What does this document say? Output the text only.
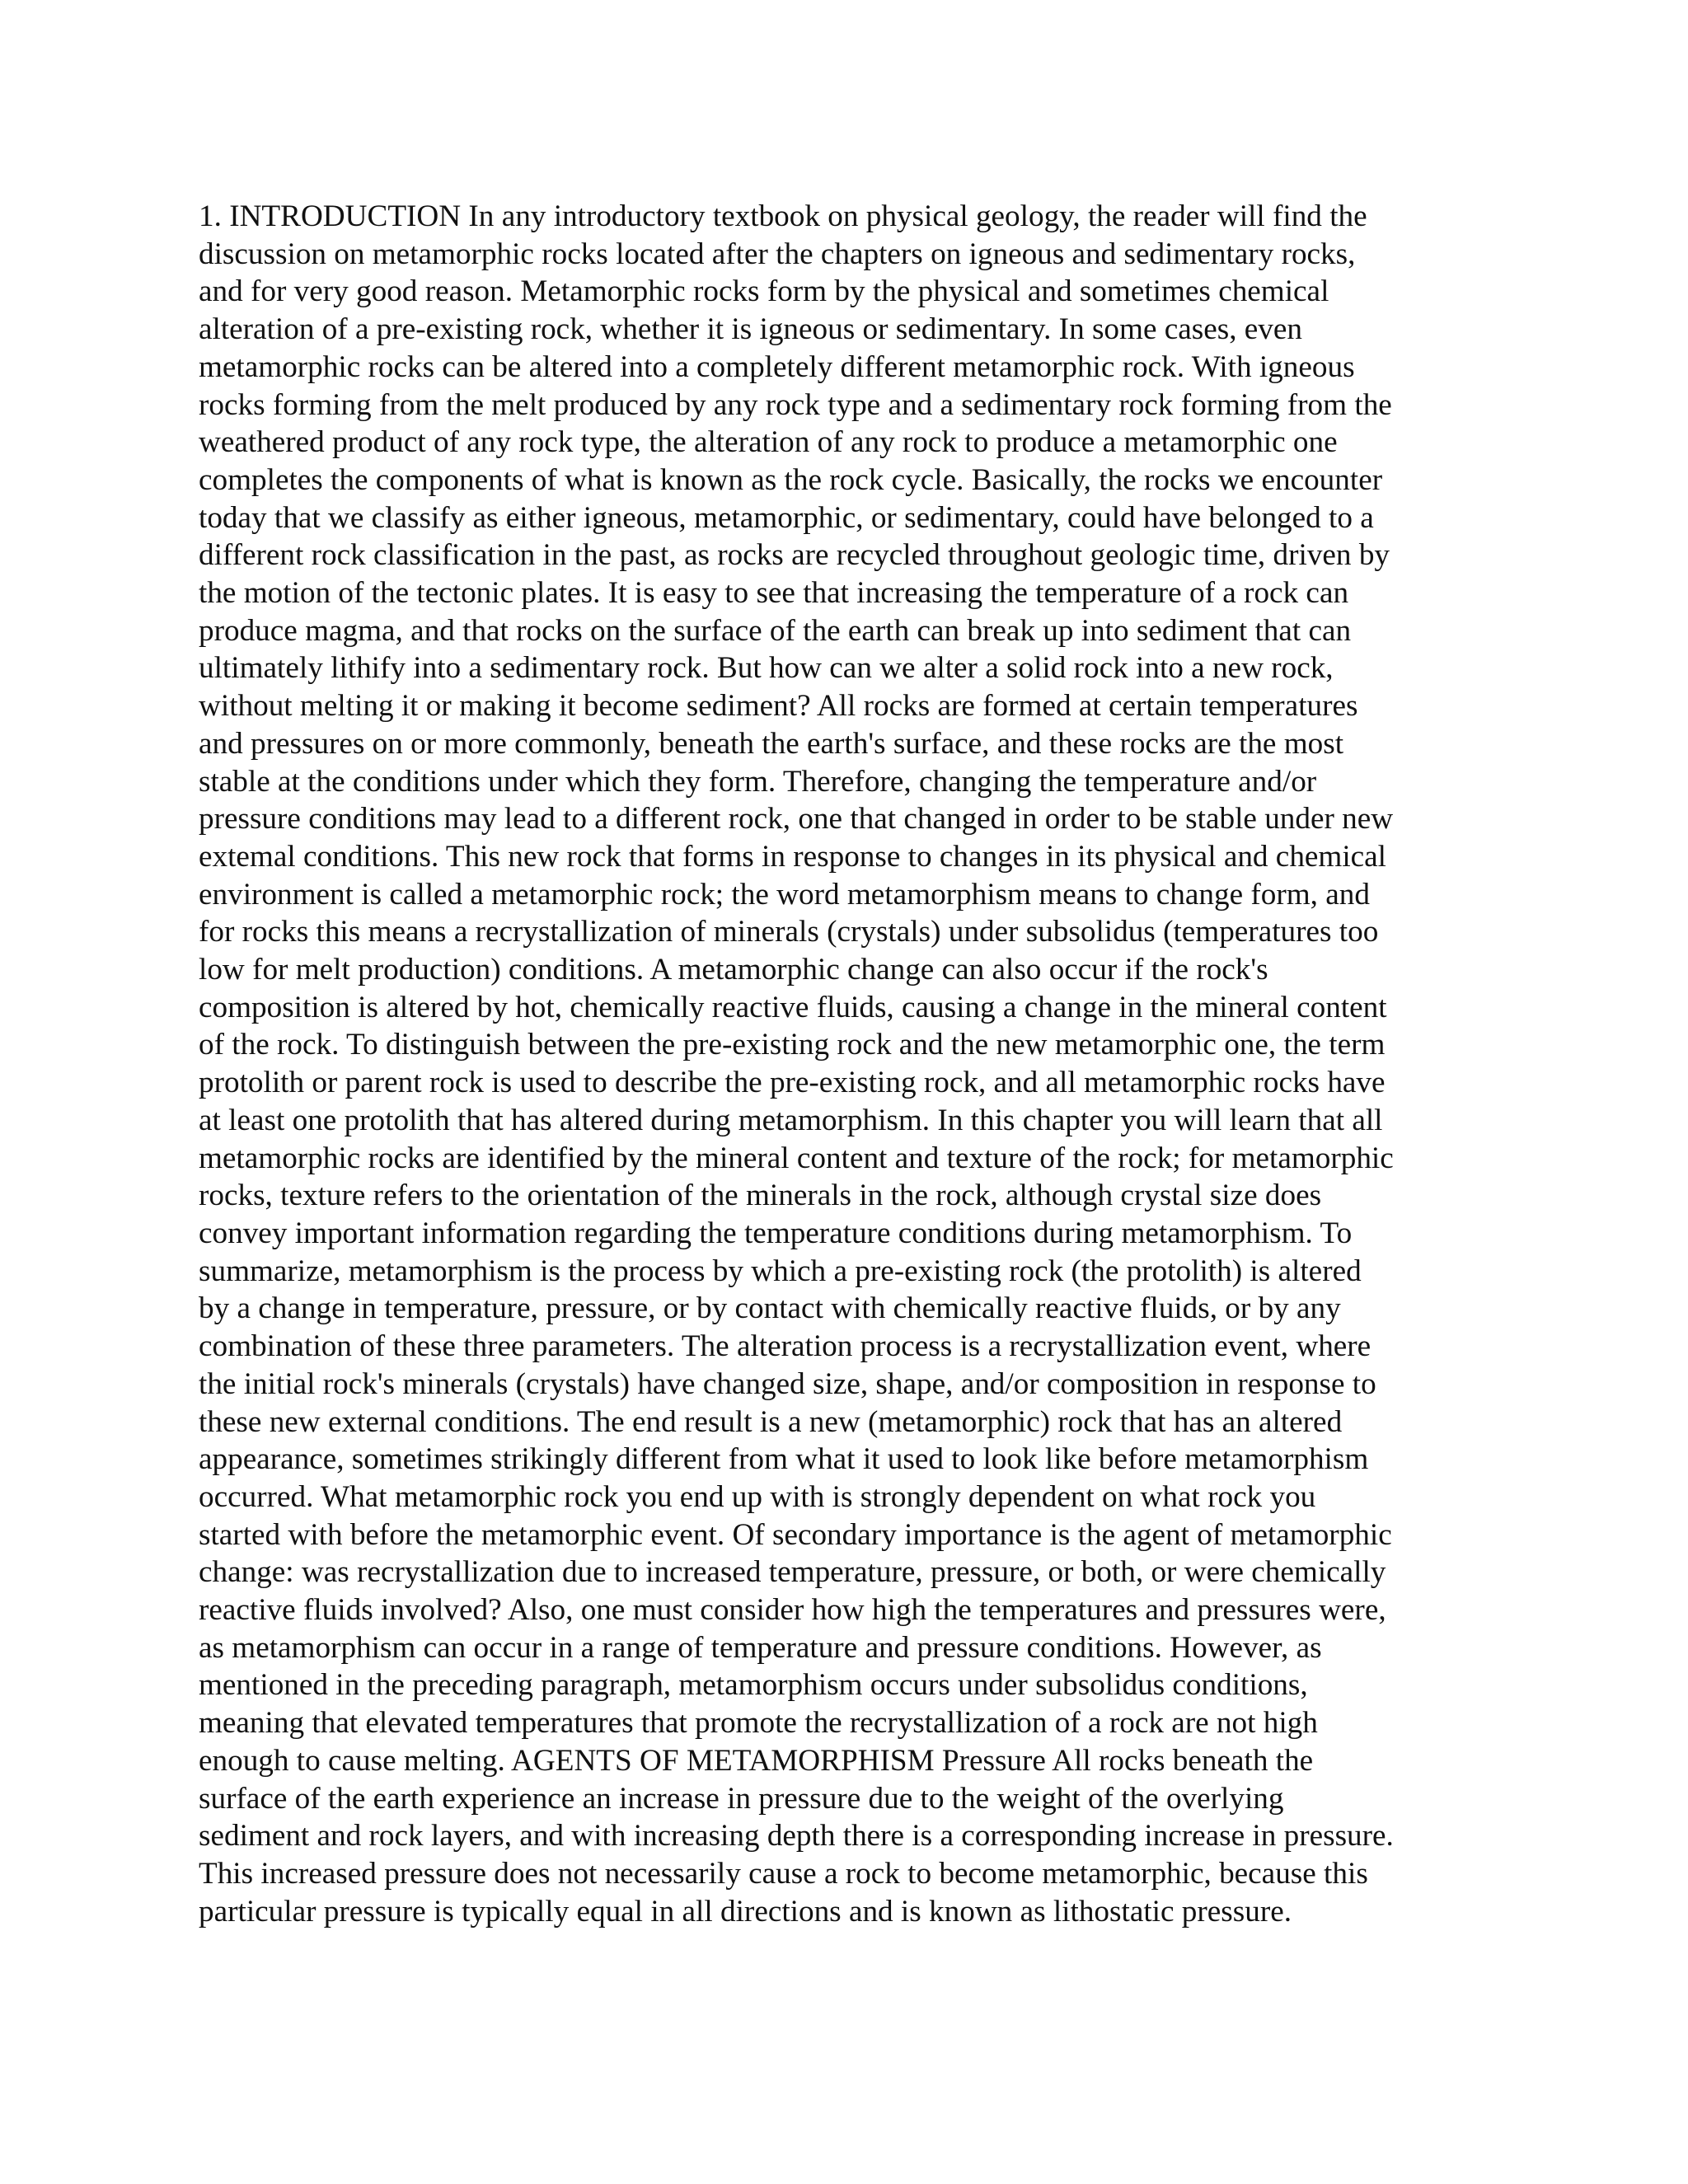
1. INTRODUCTION In any introductory textbook on physical geology, the reader will find the
discussion on metamorphic rocks located after the chapters on igneous and sedimentary rocks,
and for very good reason. Metamorphic rocks form by the physical and sometimes chemical
alteration of a pre-existing rock, whether it is igneous or sedimentary. In some cases, even
metamorphic rocks can be altered into a completely different metamorphic rock. With igneous
rocks forming from the melt produced by any rock type and a sedimentary rock forming from the
weathered product of any rock type, the alteration of any rock to produce a metamorphic one
completes the components of what is known as the rock cycle. Basically, the rocks we encounter
today that we classify as either igneous, metamorphic, or sedimentary, could have belonged to a
different rock classification in the past, as rocks are recycled throughout geologic time, driven by
the motion of the tectonic plates. It is easy to see that increasing the temperature of a rock can
produce magma, and that rocks on the surface of the earth can break up into sediment that can
ultimately lithify into a sedimentary rock. But how can we alter a solid rock into a new rock,
without melting it or making it become sediment? All rocks are formed at certain temperatures
and pressures on or more commonly, beneath the earth's surface, and these rocks are the most
stable at the conditions under which they form. Therefore, changing the temperature and/or
pressure conditions may lead to a different rock, one that changed in order to be stable under new
extemal conditions. This new rock that forms in response to changes in its physical and chemical
environment is called a metamorphic rock; the word metamorphism means to change form, and
for rocks this means a recrystallization of minerals (crystals) under subsolidus (temperatures too
low for melt production) conditions. A metamorphic change can also occur if the rock's
composition is altered by hot, chemically reactive fluids, causing a change in the mineral content
of the rock. To distinguish between the pre-existing rock and the new metamorphic one, the term
protolith or parent rock is used to describe the pre-existing rock, and all metamorphic rocks have
at least one protolith that has altered during metamorphism. In this chapter you will learn that all
metamorphic rocks are identified by the mineral content and texture of the rock; for metamorphic
rocks, texture refers to the orientation of the minerals in the rock, although crystal size does
convey important information regarding the temperature conditions during metamorphism. To
summarize, metamorphism is the process by which a pre-existing rock (the protolith) is altered
by a change in temperature, pressure, or by contact with chemically reactive fluids, or by any
combination of these three parameters. The alteration process is a recrystallization event, where
the initial rock's minerals (crystals) have changed size, shape, and/or composition in response to
these new external conditions. The end result is a new (metamorphic) rock that has an altered
appearance, sometimes strikingly different from what it used to look like before metamorphism
occurred. What metamorphic rock you end up with is strongly dependent on what rock you
started with before the metamorphic event. Of secondary importance is the agent of metamorphic
change: was recrystallization due to increased temperature, pressure, or both, or were chemically
reactive fluids involved? Also, one must consider how high the temperatures and pressures were,
as metamorphism can occur in a range of temperature and pressure conditions. However, as
mentioned in the preceding paragraph, metamorphism occurs under subsolidus conditions,
meaning that elevated temperatures that promote the recrystallization of a rock are not high
enough to cause melting. AGENTS OF METAMORPHISM Pressure All rocks beneath the
surface of the earth experience an increase in pressure due to the weight of the overlying
sediment and rock layers, and with increasing depth there is a corresponding increase in pressure.
This increased pressure does not necessarily cause a rock to become metamorphic, because this
particular pressure is typically equal in all directions and is known as lithostatic pressure.
